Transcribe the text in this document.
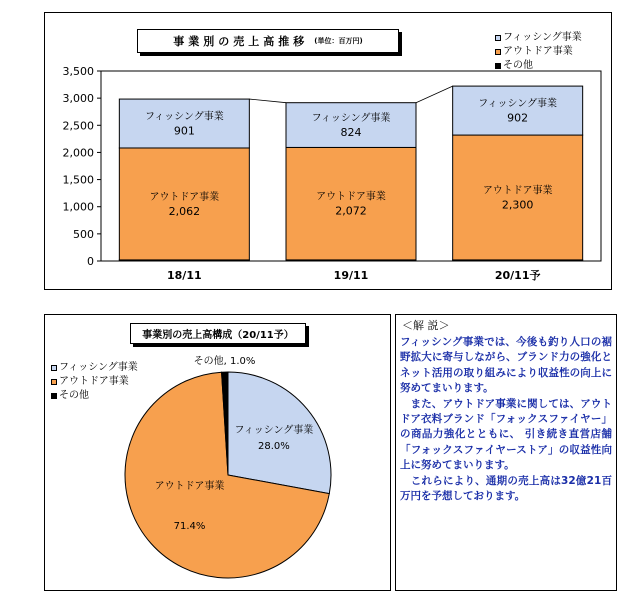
事業別の売上高推移 (単位：百万円)	フィッシング事業
アウトドア事業
その他
0
500
1,000
1,500
2,000
2,500
3,000
3,500
アウトドア事業
2,062
フィッシング事業
901
18/11
アウトドア事業
2,072
フィッシング事業
824
19/11
アウトドア事業
2,300
フィッシング事業
902
20/11予
事業別の売上高構成（20/11予）
フィッシング事業
アウトドア事業
その他
フィッシング事業
28.0%
アウトドア事業
71.4%
その他, 1.0%
＜解 説＞

フィッシング事業では、今後も釣り人口の裾野拡大に寄与しながら、ブランド力の強化とネット活用の取り組みにより収益性の向上に努めてまいります。

　また、アウトドア事業に関しては、アウトドア衣料ブランド「フォックスファイヤー」の商品力強化とともに、 引き続き直営店舗「フォックスファイヤーストア」の収益性向上に努めてまいります。

　これらにより、通期の売上高は32億21百万円を予想しております。
